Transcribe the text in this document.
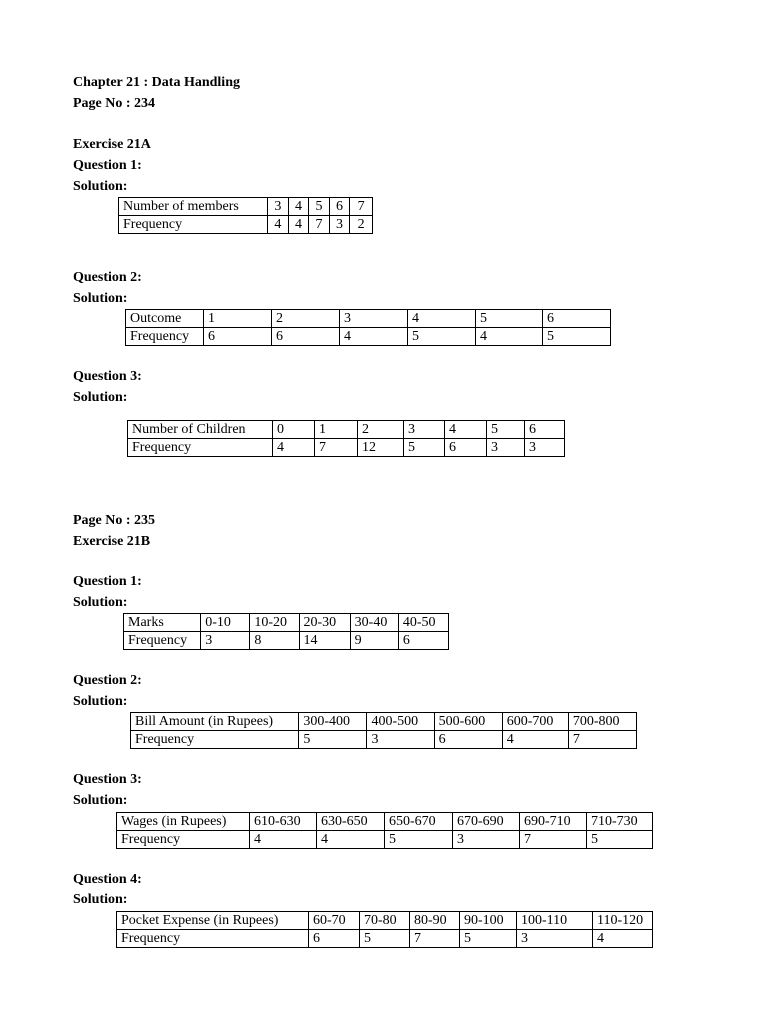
Chapter 21 : Data Handling
Page No : 234
Exercise 21A
Question 1:
Solution:
Number of members	3	4	5	6	7
Frequency	4	4	7	3	2
Question 2:
Solution:
Outcome	1	2	3	4	5	6
Frequency	6	6	4	5	4	5
Question 3:
Solution:
Number of Children	0	1	2	3	4	5	6
Frequency	4	7	12	5	6	3	3
Page No : 235
Exercise 21B
Question 1:
Solution:
Marks	0-10	10-20	20-30	30-40	40-50
Frequency	3	8	14	9	6
Question 2:
Solution:
Bill Amount (in Rupees)	300-400	400-500	500-600	600-700	700-800
Frequency	5	3	6	4	7
Question 3:
Solution:
Wages (in Rupees)	610-630	630-650	650-670	670-690	690-710	710-730
Frequency	4	4	5	3	7	5
Question 4:
Solution:
Pocket Expense (in Rupees)	60-70	70-80	80-90	90-100	100-110	110-120
Frequency	6	5	7	5	3	4
